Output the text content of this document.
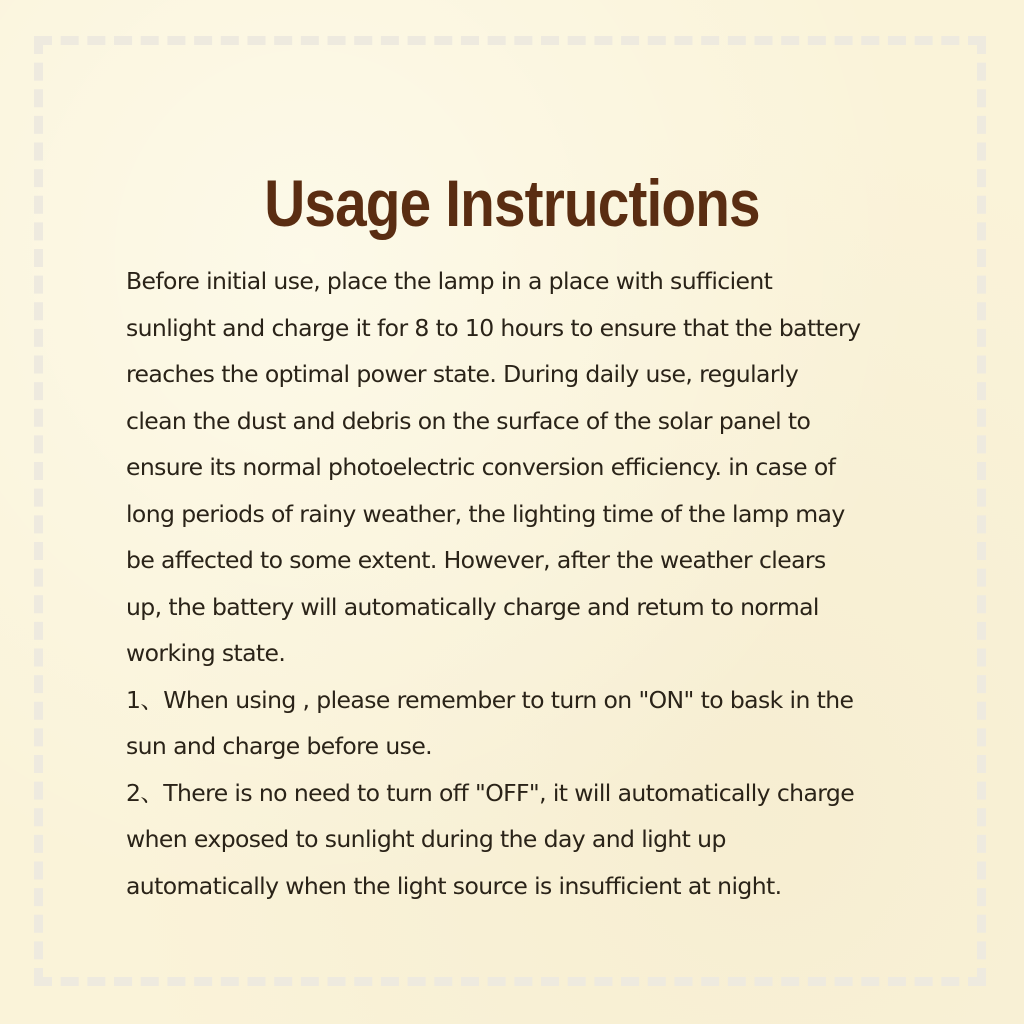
Usage Instructions
Before initial use, place the lamp in a place with sufficient
sunlight and charge it for 8 to 10 hours to ensure that the battery
reaches the optimal power state. During daily use, regularly
clean the dust and debris on the surface of the solar panel to
ensure its normal photoelectric conversion efficiency. in case of
long periods of rainy weather, the lighting time of the lamp may
be affected to some extent. However, after the weather clears
up, the battery will automatically charge and retum to normal
working state.
1、When using , please remember to turn on "ON" to bask in the
sun and charge before use.
2、There is no need to turn off "OFF", it will automatically charge
when exposed to sunlight during the day and light up
automatically when the light source is insufficient at night.
